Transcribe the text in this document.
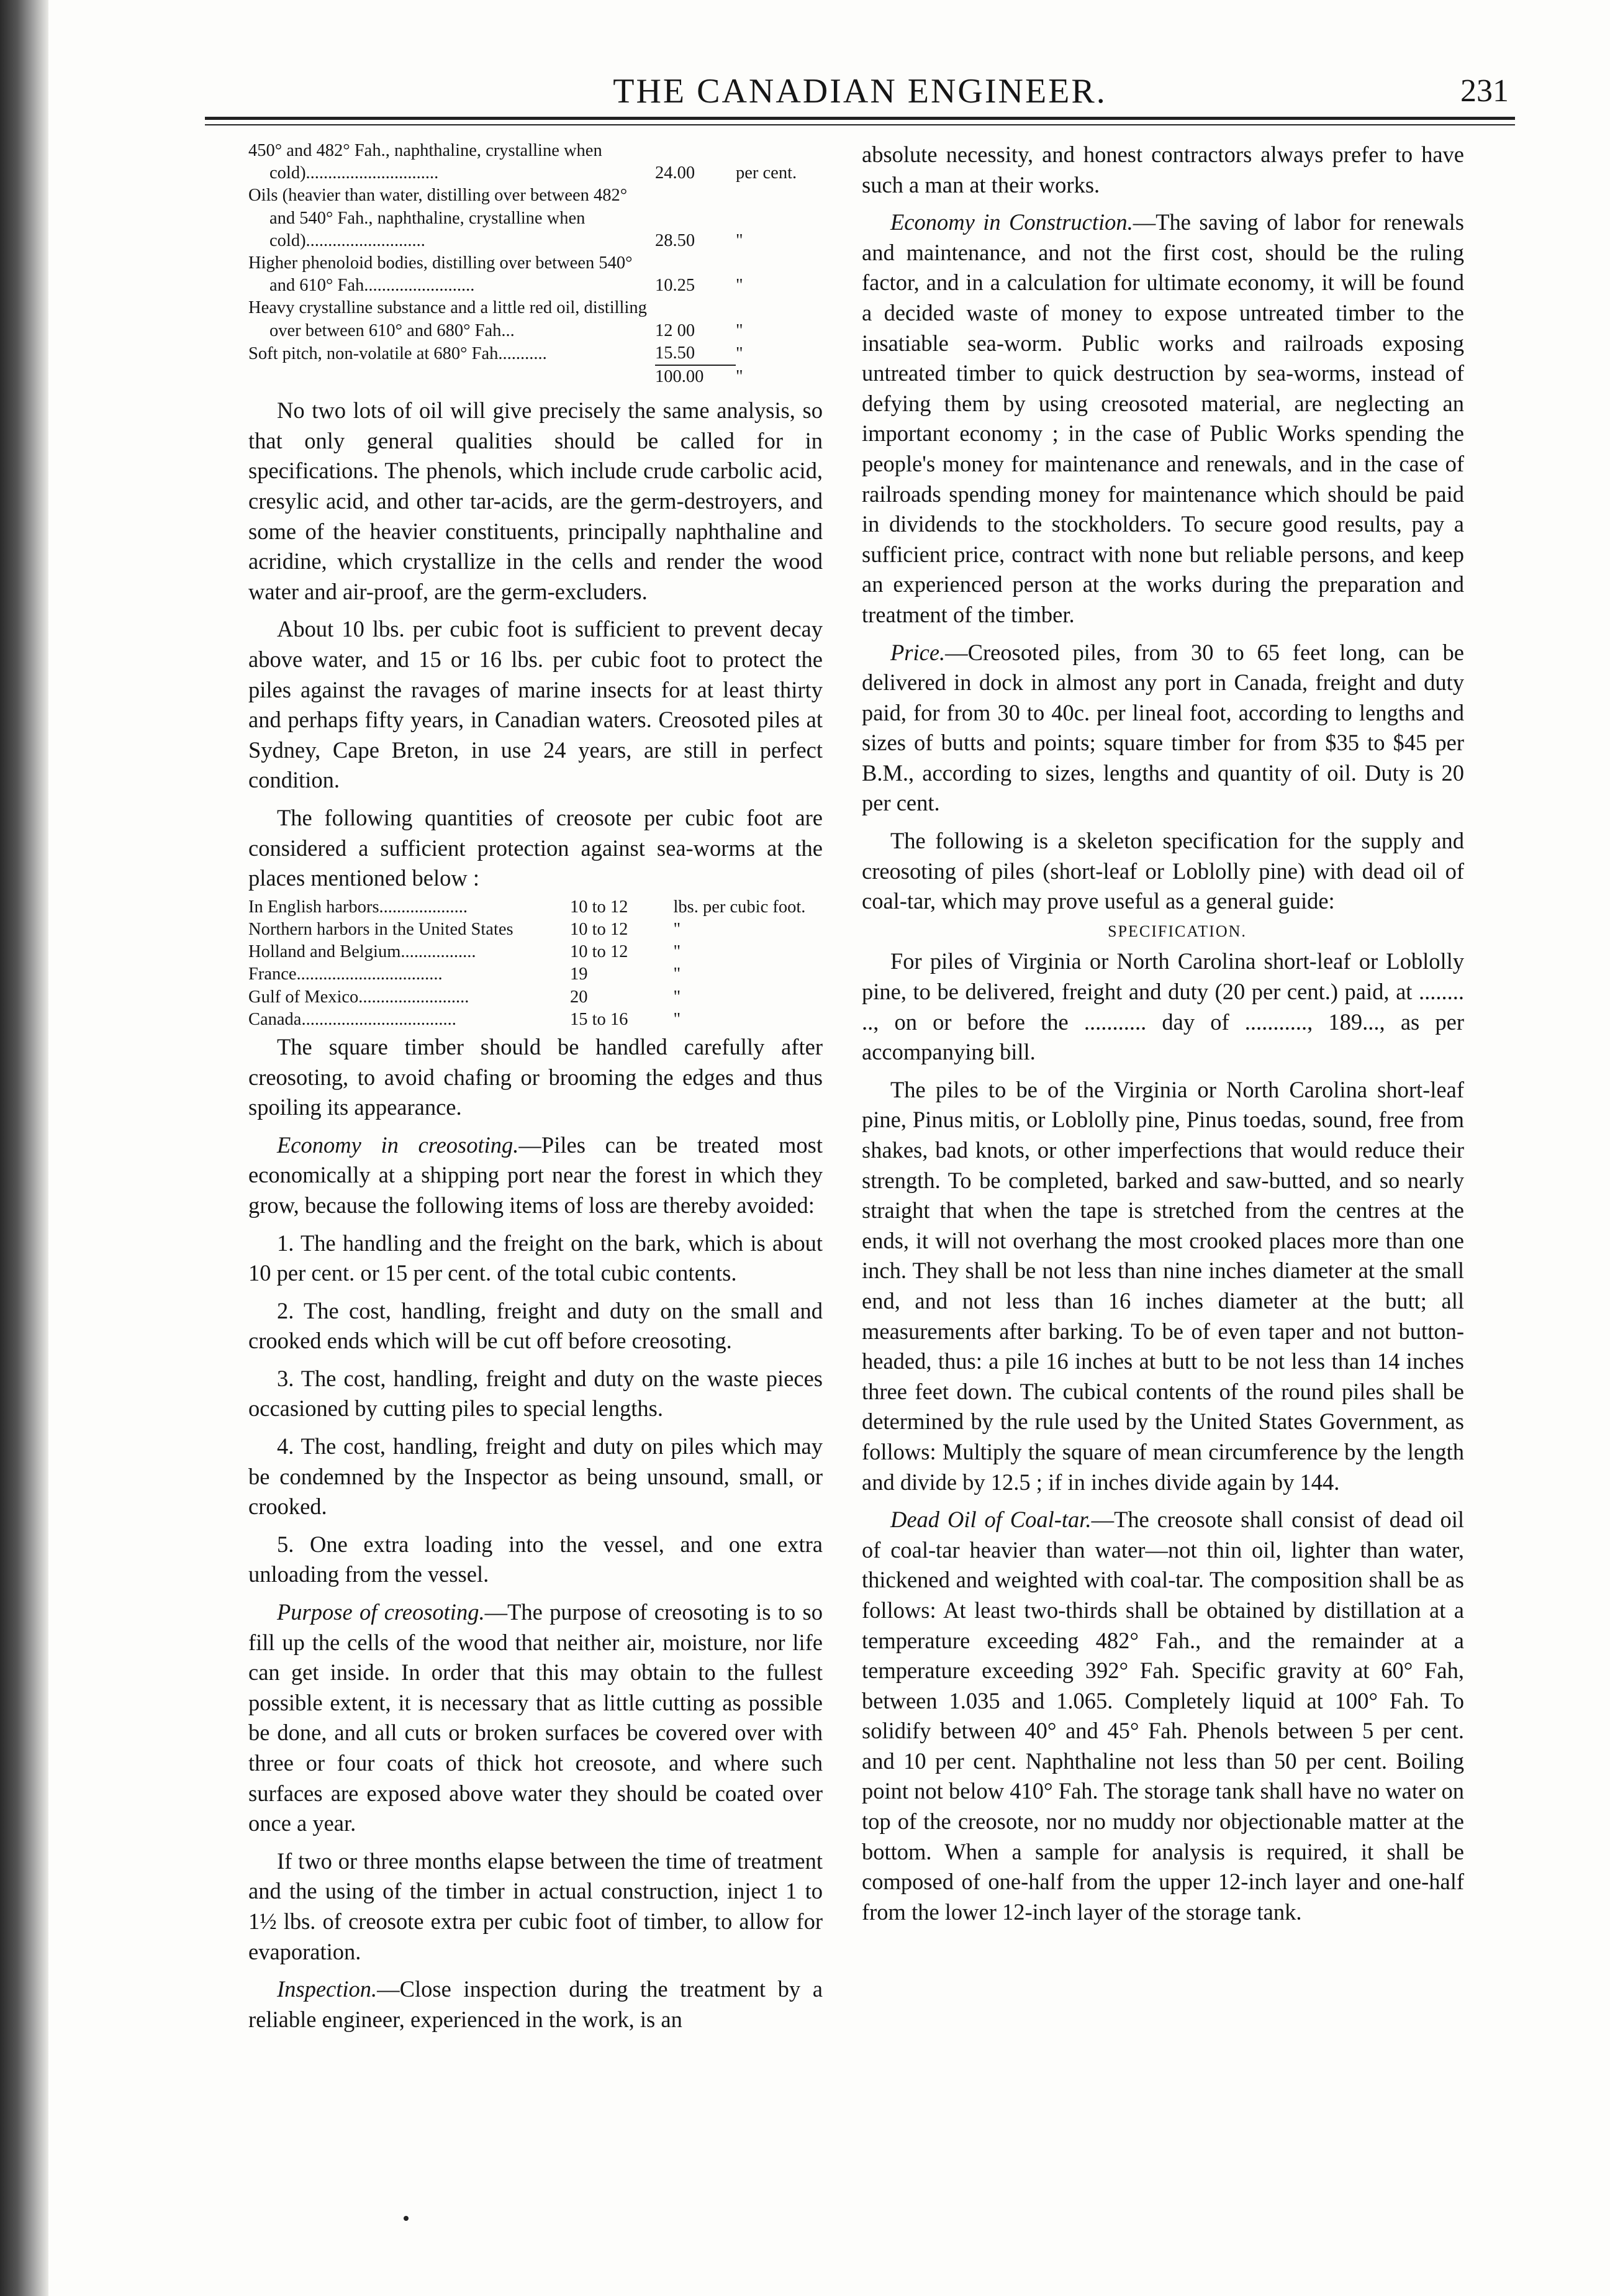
THE CANADIAN ENGINEER.	231
450° and 482° Fah., naphthaline, crystalline when cold)..............................	24.00	per cent.
Oils (heavier than water, distilling over between 482° and 540° Fah., naphthaline, crystalline when cold)...........................	28.50	"
Higher phenoloid bodies, distilling over between 540° and 610° Fah.........................	10.25	"
Heavy crystalline substance and a little red oil, distilling over between 610° and 680° Fah...	12 00	"
Soft pitch, non-volatile at 680° Fah...........	15.50	"
	100.00	"

No two lots of oil will give precisely the same analysis, so that only general qualities should be called for in specifications. The phenols, which include crude carbolic acid, cresylic acid, and other tar-acids, are the germ-destroyers, and some of the heavier constituents, principally naphthaline and acridine, which crystallize in the cells and render the wood water and air-proof, are the germ-excluders.

About 10 lbs. per cubic foot is sufficient to prevent decay above water, and 15 or 16 lbs. per cubic foot to protect the piles against the ravages of marine insects for at least thirty and perhaps fifty years, in Canadian waters. Creosoted piles at Sydney, Cape Breton, in use 24 years, are still in perfect condition.

The following quantities of creosote per cubic foot are considered a sufficient protection against sea-worms at the places mentioned below :

In English harbors....................	10 to 12	lbs. per cubic foot.
Northern harbors in the United States	10 to 12	"
Holland and Belgium.................	10 to 12	"
France.................................	19	"
Gulf of Mexico.........................	20	"
Canada...................................	15 to 16	"

The square timber should be handled carefully after creosoting, to avoid chafing or brooming the edges and thus spoiling its appearance.

Economy in creosoting.—Piles can be treated most economically at a shipping port near the forest in which they grow, because the following items of loss are thereby avoided:

1. The handling and the freight on the bark, which is about 10 per cent. or 15 per cent. of the total cubic contents.

2. The cost, handling, freight and duty on the small and crooked ends which will be cut off before creosoting.

3. The cost, handling, freight and duty on the waste pieces occasioned by cutting piles to special lengths.

4. The cost, handling, freight and duty on piles which may be condemned by the Inspector as being unsound, small, or crooked.

5. One extra loading into the vessel, and one extra unloading from the vessel.

Purpose of creosoting.—The purpose of creosoting is to so fill up the cells of the wood that neither air, moisture, nor life can get inside. In order that this may obtain to the fullest possible extent, it is necessary that as little cutting as possible be done, and all cuts or broken surfaces be covered over with three or four coats of thick hot creosote, and where such surfaces are exposed above water they should be coated over once a year.

If two or three months elapse between the time of treatment and the using of the timber in actual construction, inject 1 to 1½ lbs. of creosote extra per cubic foot of timber, to allow for evaporation.

Inspection.—Close inspection during the treatment by a reliable engineer, experienced in the work, is an

absolute necessity, and honest contractors always prefer to have such a man at their works.

Economy in Construction.—The saving of labor for renewals and maintenance, and not the first cost, should be the ruling factor, and in a calculation for ultimate economy, it will be found a decided waste of money to expose untreated timber to the insatiable sea-worm. Public works and railroads exposing untreated timber to quick destruction by sea-worms, instead of defying them by using creosoted material, are neglecting an important economy ; in the case of Public Works spending the people's money for maintenance and renewals, and in the case of railroads spending money for maintenance which should be paid in dividends to the stockholders. To secure good results, pay a sufficient price, contract with none but reliable persons, and keep an experienced person at the works during the preparation and treatment of the timber.

Price.—Creosoted piles, from 30 to 65 feet long, can be delivered in dock in almost any port in Canada, freight and duty paid, for from 30 to 40c. per lineal foot, according to lengths and sizes of butts and points; square timber for from $35 to $45 per B.M., according to sizes, lengths and quantity of oil. Duty is 20 per cent.

The following is a skeleton specification for the supply and creosoting of piles (short-leaf or Loblolly pine) with dead oil of coal-tar, which may prove useful as a general guide:

SPECIFICATION.

For piles of Virginia or North Carolina short-leaf or Loblolly pine, to be delivered, freight and duty (20 per cent.) paid, at ........ .., on or before the ........... day of ..........., 189..., as per accompanying bill.

The piles to be of the Virginia or North Carolina short-leaf pine, Pinus mitis, or Loblolly pine, Pinus toedas, sound, free from shakes, bad knots, or other imperfections that would reduce their strength. To be completed, barked and saw-butted, and so nearly straight that when the tape is stretched from the centres at the ends, it will not overhang the most crooked places more than one inch. They shall be not less than nine inches diameter at the small end, and not less than 16 inches diameter at the butt; all measurements after barking. To be of even taper and not button-headed, thus: a pile 16 inches at butt to be not less than 14 inches three feet down. The cubical contents of the round piles shall be determined by the rule used by the United States Government, as follows: Multiply the square of mean circumference by the length and divide by 12.5 ; if in inches divide again by 144.

Dead Oil of Coal-tar.—The creosote shall consist of dead oil of coal-tar heavier than water—not thin oil, lighter than water, thickened and weighted with coal-tar. The composition shall be as follows: At least two-thirds shall be obtained by distillation at a temperature exceeding 482° Fah., and the remainder at a temperature exceeding 392° Fah. Specific gravity at 60° Fah, between 1.035 and 1.065. Completely liquid at 100° Fah. To solidify between 40° and 45° Fah. Phenols between 5 per cent. and 10 per cent. Naphthaline not less than 50 per cent. Boiling point not below 410° Fah. The storage tank shall have no water on top of the creosote, nor no muddy nor objectionable matter at the bottom. When a sample for analysis is required, it shall be composed of one-half from the upper 12-inch layer and one-half from the lower 12-inch layer of the storage tank.
